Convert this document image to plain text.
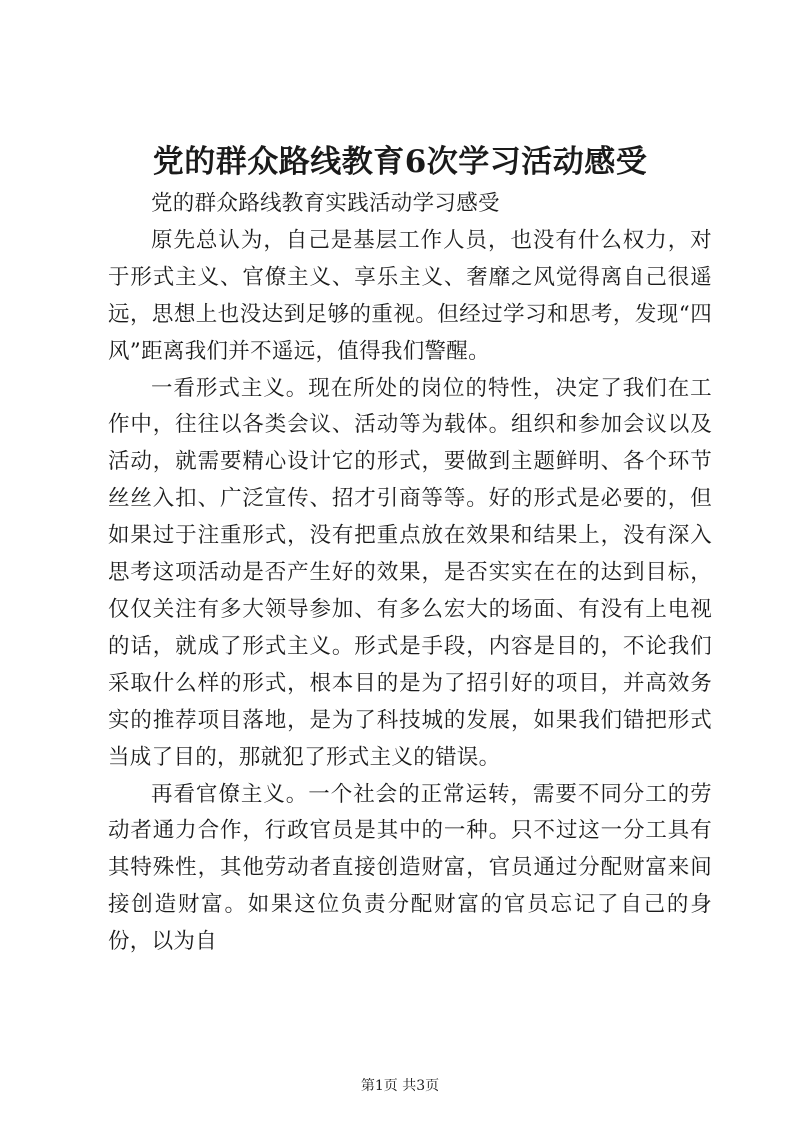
党的群众路线教育6次学习活动感受

党的群众路线教育实践活动学习感受

原先总认为，自己是基层工作人员，也没有什么权力，对于形式主义、官僚主义、享乐主义、奢靡之风觉得离自己很遥远，思想上也没达到足够的重视。但经过学习和思考，发现“四风”距离我们并不遥远，值得我们警醒。

一看形式主义。现在所处的岗位的特性，决定了我们在工作中，往往以各类会议、活动等为载体。组织和参加会议以及活动，就需要精心设计它的形式，要做到主题鲜明、各个环节丝丝入扣、广泛宣传、招才引商等等。好的形式是必要的，但如果过于注重形式，没有把重点放在效果和结果上，没有深入思考这项活动是否产生好的效果，是否实实在在的达到目标，仅仅关注有多大领导参加、有多么宏大的场面、有没有上电视的话，就成了形式主义。形式是手段，内容是目的，不论我们采取什么样的形式，根本目的是为了招引好的项目，并高效务实的推荐项目落地，是为了科技城的发展，如果我们错把形式当成了目的，那就犯了形式主义的错误。

再看官僚主义。一个社会的正常运转，需要不同分工的劳动者通力合作，行政官员是其中的一种。只不过这一分工具有其特殊性，其他劳动者直接创造财富，官员通过分配财富来间接创造财富。如果这位负责分配财富的官员忘记了自己的身份，以为自

第1页 共3页
